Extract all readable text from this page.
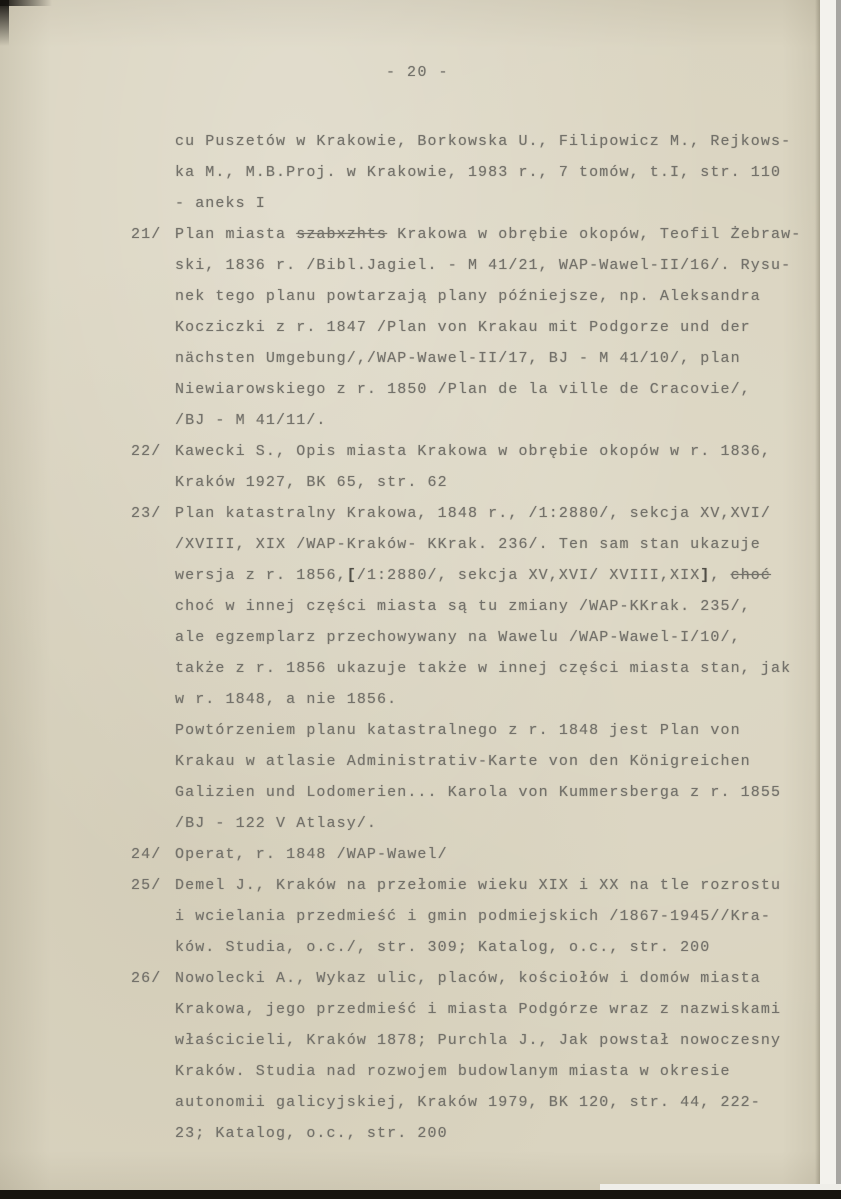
- 20 -
cu Puszetów w Krakowie, Borkowska U., Filipowicz M., Rejkows-
ka M., M.B.Proj. w Krakowie, 1983 r., 7 tomów, t.I, str. 110
- aneks I
21/ Plan miasta szabxzhts Krakowa w obrębie okopów, Teofil Żebraw-
ski, 1836 r. /Bibl.Jagiel. - M 41/21, WAP-Wawel-II/16/. Rysu-
nek tego planu powtarzają plany późniejsze, np. Aleksandra
Kocziczki z r. 1847 /Plan von Krakau mit Podgorze und der
nächsten Umgebung/,/WAP-Wawel-II/17, BJ - M 41/10/, plan
Niewiarowskiego z r. 1850 /Plan de la ville de Cracovie/,
/BJ - M 41/11/.
22/ Kawecki S., Opis miasta Krakowa w obrębie okopów w r. 1836,
Kraków 1927, BK 65, str. 62
23/ Plan katastralny Krakowa, 1848 r., /1:2880/, sekcja XV,XVI/
/XVIII, XIX /WAP-Kraków- KKrak. 236/. Ten sam stan ukazuje
wersja z r. 1856,[/1:2880/, sekcja XV,XVI/ XVIII,XIX], choć
choć w innej części miasta są tu zmiany /WAP-KKrak. 235/,
ale egzemplarz przechowywany na Wawelu /WAP-Wawel-I/10/,
także z r. 1856 ukazuje także w innej części miasta stan, jak
w r. 1848, a nie 1856.
Powtórzeniem planu katastralnego z r. 1848 jest Plan von
Krakau w atlasie Administrativ-Karte von den Königreichen
Galizien und Lodomerien... Karola von Kummersberga z r. 1855
/BJ - 122 V Atlasy/.
24/ Operat, r. 1848 /WAP-Wawel/
25/ Demel J., Kraków na przełomie wieku XIX i XX na tle rozrostu
i wcielania przedmieść i gmin podmiejskich /1867-1945//Kra-
ków. Studia, o.c./, str. 309; Katalog, o.c., str. 200
26/ Nowolecki A., Wykaz ulic, placów, kościołów i domów miasta
Krakowa, jego przedmieść i miasta Podgórze wraz z nazwiskami
właścicieli, Kraków 1878; Purchla J., Jak powstał nowoczesny
Kraków. Studia nad rozwojem budowlanym miasta w okresie
autonomii galicyjskiej, Kraków 1979, BK 120, str. 44, 222-
23; Katalog, o.c., str. 200
